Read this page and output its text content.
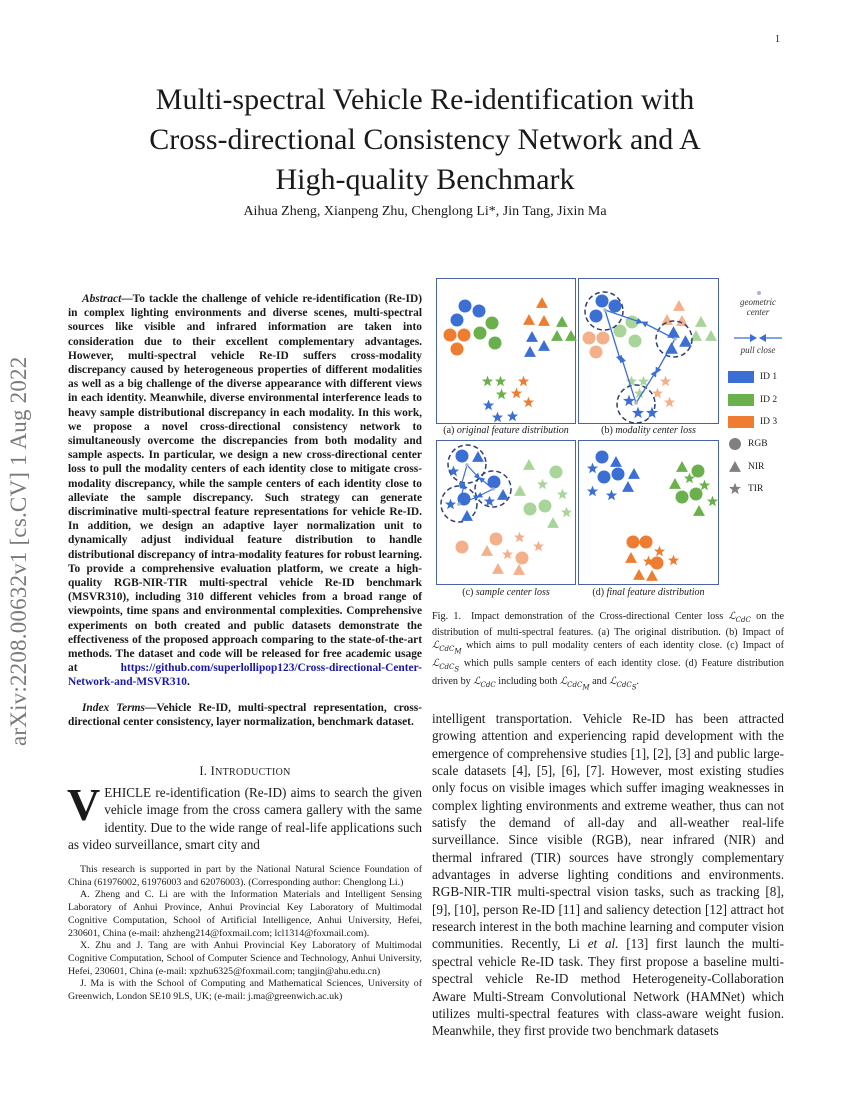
1
arXiv:2208.00632v1 [cs.CV] 1 Aug 2022
Multi-spectral Vehicle Re-identification with
Cross-directional Consistency Network and A
High-quality Benchmark
Aihua Zheng, Xianpeng Zhu, Chenglong Li*, Jin Tang, Jixin Ma

Abstract—To tackle the challenge of vehicle re-identification (Re-ID) in complex lighting environments and diverse scenes, multi-spectral sources like visible and infrared information are taken into consideration due to their excellent complementary advantages. However, multi-spectral vehicle Re-ID suffers cross-modality discrepancy caused by heterogeneous properties of different modalities as well as a big challenge of the diverse appearance with different views in each identity. Meanwhile, diverse environmental interference leads to heavy sample distributional discrepancy in each modality. In this work, we propose a novel cross-directional consistency network to simultaneously overcome the discrepancies from both modality and sample aspects. In particular, we design a new cross-directional center loss to pull the modality centers of each identity close to mitigate cross-modality discrepancy, while the sample centers of each identity close to alleviate the sample discrepancy. Such strategy can generate discriminative multi-spectral feature representations for vehicle Re-ID. In addition, we design an adaptive layer normalization unit to dynamically adjust individual feature distribution to handle distributional discrepancy of intra-modality features for robust learning. To provide a comprehensive evaluation platform, we create a high-quality RGB-NIR-TIR multi-spectral vehicle Re-ID benchmark (MSVR310), including 310 different vehicles from a broad range of viewpoints, time spans and environmental complexities. Comprehensive experiments on both created and public datasets demonstrate the effectiveness of the proposed approach comparing to the state-of-the-art methods. The dataset and code will be released for free academic usage at https://github.com/superlollipop123/Cross-directional-Center-Network-and-MSVR310.

Index Terms—Vehicle Re-ID, multi-spectral representation, cross-directional center consistency, layer normalization, benchmark dataset.

I. INTRODUCTION

VEHICLE re-identification (Re-ID) aims to search the given vehicle image from the cross camera gallery with the same identity. Due to the wide range of real-life applications such as video surveillance, smart city and

This research is supported in part by the National Natural Science Foundation of China (61976002, 61976003 and 62076003). (Corresponding author: Chenglong Li.)

A. Zheng and C. Li are with the Information Materials and Intelligent Sensing Laboratory of Anhui Province, Anhui Provincial Key Laboratory of Multimodal Cognitive Computation, School of Artificial Intelligence, Anhui University, Hefei, 230601, China (e-mail: ahzheng214@foxmail.com; lcl1314@foxmail.com).

X. Zhu and J. Tang are with Anhui Provincial Key Laboratory of Multimodal Cognitive Computation, School of Computer Science and Technology, Anhui University, Hefei, 230601, China (e-mail: xpzhu6325@foxmail.com; tangjin@ahu.edu.cn)

J. Ma is with the School of Computing and Mathematical Sciences, University of Greenwich, London SE10 9LS, UK; (e-mail: j.ma@greenwich.ac.uk)

(a) original feature distribution	(b) modality center loss
(c) sample center loss	(d) final feature distribution
geometric center
pull close
ID 1
ID 2
ID 3
RGB
NIR
TIR
Fig. 1. Impact demonstration of the Cross-directional Center loss ℒ$_{CdC}$ on the distribution of multi-spectral features. (a) The original distribution. (b) Impact of ℒ$_{CdC_M}$ which aims to pull modality centers of each identity close. (c) Impact of ℒ$_{CdC_S}$ which pulls sample centers of each identity close. (d) Feature distribution driven by ℒ$_{CdC}$ including both ℒ$_{CdC_M}$ and ℒ$_{CdC_S}$.

intelligent transportation. Vehicle Re-ID has been attracted growing attention and experiencing rapid development with the emergence of comprehensive studies [1], [2], [3] and public large-scale datasets [4], [5], [6], [7]. However, most existing studies only focus on visible images which suffer imaging weaknesses in complex lighting environments and extreme weather, thus can not satisfy the demand of all-day and all-weather real-life surveillance. Since visible (RGB), near infrared (NIR) and thermal infrared (TIR) sources have strongly complementary advantages in adverse lighting conditions and environments. RGB-NIR-TIR multi-spectral vision tasks, such as tracking [8], [9], [10], person Re-ID [11] and saliency detection [12] attract hot research interest in the both machine learning and computer vision communities. Recently, Li et al. [13] first launch the multi-spectral vehicle Re-ID task. They first propose a baseline multi-spectral vehicle Re-ID method Heterogeneity-Collaboration Aware Multi-Stream Convolutional Network (HAMNet) which utilizes multi-spectral features with class-aware weight fusion. Meanwhile, they first provide two benchmark datasets
